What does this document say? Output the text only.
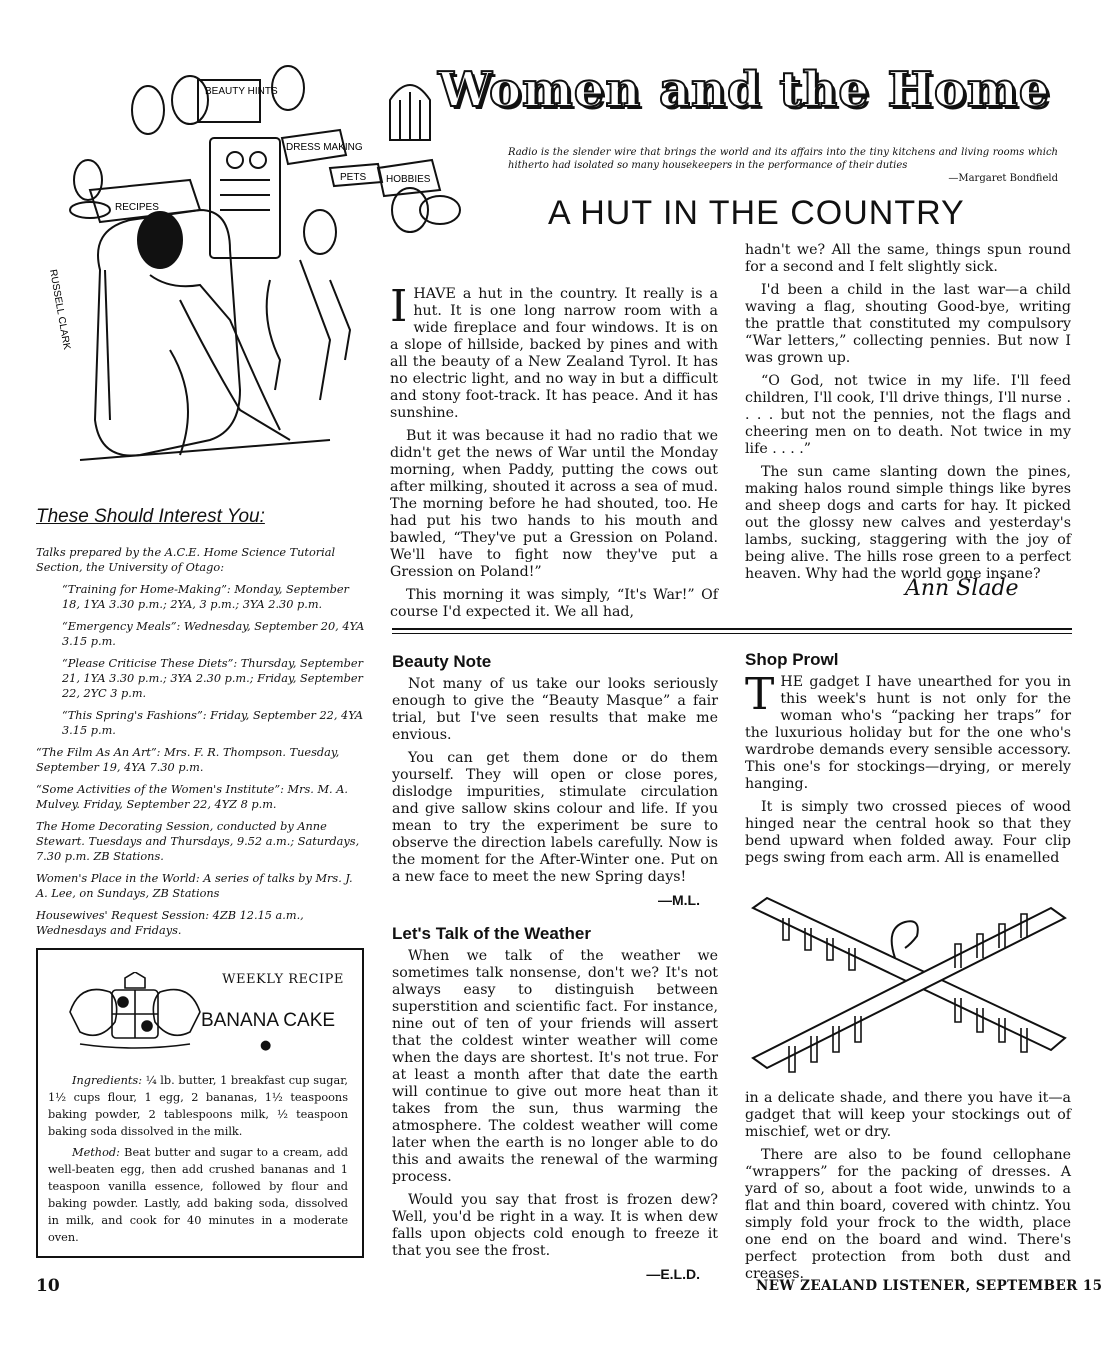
Women and the Home
Radio is the slender wire that brings the world and its affairs into the tiny kitchens and living rooms which hitherto had isolated so many housekeepers in the performance of their duties
—Margaret Bondfield
BEAUTY HINTS
RECIPES
DRESS MAKING
PETS HOBBIES
RUSSELL CLARK
A HUT IN THE COUNTRY

IHAVE a hut in the country. It really is a hut. It is one long narrow room with a wide fireplace and four windows. It is on a slope of hillside, backed by pines and with all the beauty of a New Zealand Tyrol. It has no electric light, and no way in but a difficult and stony foot-track. It has peace. And it has sunshine.

But it was because it had no radio that we didn't get the news of War until the Monday morning, when Paddy, putting the cows out after milking, shouted it across a sea of mud. The morning before he had shouted, too. He had put his two hands to his mouth and bawled, “They've put a Gression on Poland. We'll have to fight now they've put a Gression on Poland!”

This morning it was simply, “It's War!” Of course I'd expected it. We all had,

hadn't we? All the same, things spun round for a second and I felt slightly sick.

I'd been a child in the last war—a child waving a flag, shouting Good-bye, writing the prattle that constituted my compulsory “War letters,” collecting pennies. But now I was grown up.

“O God, not twice in my life. I'll feed children, I'll cook, I'll drive things, I'll nurse . . . . but not the pennies, not the flags and cheering men on to death. Not twice in my life . . . .”

The sun came slanting down the pines, making halos round simple things like byres and sheep dogs and carts for hay. It picked out the glossy new calves and yesterday's lambs, sucking, staggering with the joy of being alive. The hills rose green to a perfect heaven. Why had the world gone insane?

Ann Slade
These Should Interest You:
Talks prepared by the A.C.E. Home Science Tutorial Section, the University of Otago:
“Training for Home-Making”: Monday, September 18, 1YA 3.30 p.m.; 2YA, 3 p.m.; 3YA 2.30 p.m.
“Emergency Meals”: Wednesday, September 20, 4YA 3.15 p.m.
“Please Criticise These Diets”: Thursday, September 21, 1YA 3.30 p.m.; 3YA 2.30 p.m.; Friday, September 22, 2YC 3 p.m.
“This Spring's Fashions”: Friday, September 22, 4YA 3.15 p.m.
“The Film As An Art”: Mrs. F. R. Thompson. Tuesday, September 19, 4YA 7.30 p.m.
“Some Activities of the Women's Institute”: Mrs. M. A. Mulvey. Friday, September 22, 4YZ 8 p.m.
The Home Decorating Session, conducted by Anne Stewart. Tuesdays and Thursdays, 9.52 a.m.; Saturdays, 7.30 p.m. ZB Stations.
Women's Place in the World: A series of talks by Mrs. J. A. Lee, on Sundays, ZB Stations
Housewives' Request Session: 4ZB 12.15 a.m., Wednesdays and Fridays.
WEEKLY RECIPE
BANANA CAKE
●
Ingredients: ¼ lb. butter, 1 breakfast cup sugar, 1½ cups flour, 1 egg, 2 bananas, 1½ teaspoons baking powder, 2 tablespoons milk, ½ teaspoon baking soda dissolved in the milk.
Method: Beat butter and sugar to a cream, add well-beaten egg, then add crushed bananas and 1 teaspoon vanilla essence, followed by flour and baking powder. Lastly, add baking soda, dissolved in milk, and cook for 40 minutes in a moderate oven.
Beauty Note

Not many of us take our looks seriously enough to give the “Beauty Masque” a fair trial, but I've seen results that make me envious.

You can get them done or do them yourself. They will open or close pores, dislodge impurities, stimulate circulation and give sallow skins colour and life. If you mean to try the experiment be sure to observe the direction labels carefully. Now is the moment for the After-Winter one. Put on a new face to meet the new Spring days!

—M.L.
Let's Talk of the Weather

When we talk of the weather we sometimes talk nonsense, don't we? It's not always easy to distinguish between superstition and scientific fact. For instance, nine out of ten of your friends will assert that the coldest winter weather will come when the days are shortest. It's not true. For at least a month after that date the earth will continue to give out more heat than it takes from the sun, thus warming the atmosphere. The coldest weather will come later when the earth is no longer able to do this and awaits the renewal of the warming process.

Would you say that frost is frozen dew? Well, you'd be right in a way. It is when dew falls upon objects cold enough to freeze it that you see the frost.

—E.L.D.
Shop Prowl

THE gadget I have unearthed for you in this week's hunt is not only for the woman who's “packing her traps” for the luxurious holiday but for the one who's wardrobe demands every sensible accessory. This one's for stockings—drying, or merely hanging.

It is simply two crossed pieces of wood hinged near the central hook so that they bend upward when folded away. Four clip pegs swing from each arm. All is enamelled

in a delicate shade, and there you have it—a gadget that will keep your stockings out of mischief, wet or dry.

There are also to be found cellophane “wrappers” for the packing of dresses. A yard of so, about a foot wide, unwinds to a flat and thin board, covered with chintz. You simply fold your frock to the width, place one end on the board and wind. There's perfect protection from both dust and creases.

10	NEW ZEALAND LISTENER, SEPTEMBER 15
